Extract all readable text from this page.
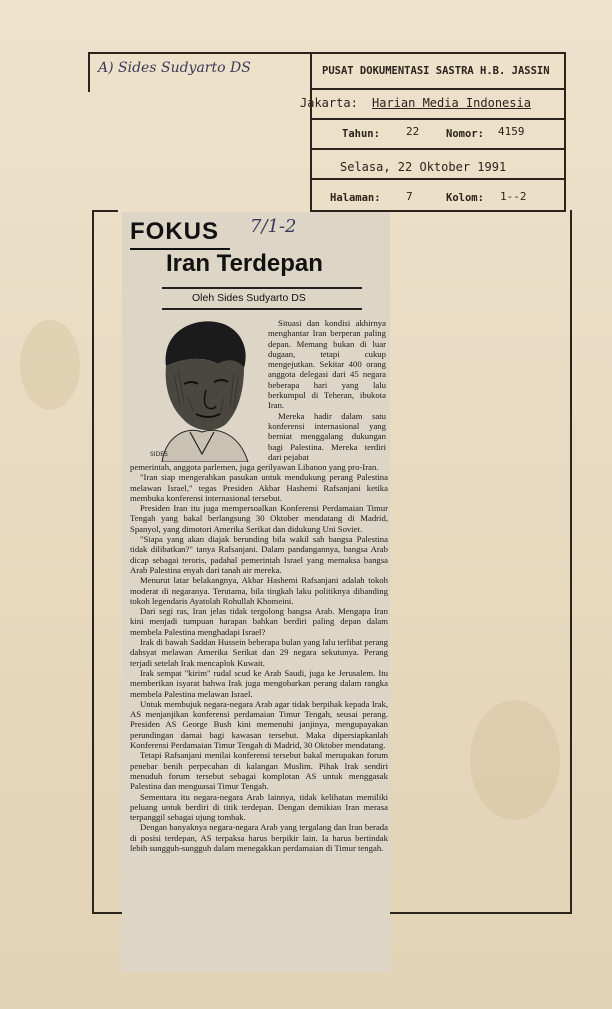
A) Sides Sudyarto DS	PUSAT DOKUMENTASI SASTRA H.B. JASSIN
Jakarta: Harian Media Indonesia
Tahun: 22	Nomor: 4159
Selasa, 22 Oktober 1991
Halaman: 7	Kolom: 1--2
FOKUS 7/1-2
Iran Terdepan
Oleh Sides Sudyarto DS
SIDES

Situasi dan kondisi akhirnya menghantar Iran berperan paling depan. Memang bukan di luar dugaan, tetapi cukup mengejutkan. Sekitar 400 orang anggota delegasi dari 45 negara beberapa hari yang lalu berkumpul di Teheran, ibukota Iran.

Mereka hadir dalam satu konferensi internasional yang berniat menggalang dukungan bagi Palestina. Mereka terdiri dari pejabat

pemerintah, anggota parlemen, juga gerilyawan Libanon yang pro-Iran.

"Iran siap mengerahkan pasukan untuk mendukung perang Palestina melawan Israel," tegas Presiden Akbar Hashemi Rafsanjani ketika membuka konferensi internasional tersebut.

Presiden Iran itu juga mempersoalkan Konferensi Perdamaian Timur Tengah yang bakal berlangsung 30 Oktober mendatang di Madrid, Spanyol, yang dimotori Amerika Serikat dan didukung Uni Soviet.

"Siapa yang akan diajak berunding bila wakil sah bangsa Palestina tidak dilibatkan?" tanya Rafsanjani. Dalam pandangannya, bangsa Arab dicap sebagai teroris, padahal pemerintah Israel yang memaksa bangsa Arab Palestina enyah dari tanah air mereka.

Menurut latar belakangnya, Akbar Hashemi Rafsanjani adalah tokoh moderat di negaranya. Terutama, bila tingkah laku politiknya dibanding tokoh legendaris Ayatolah Rohullah Khomeini.

Dari segi ras, Iran jelas tidak tergolong bangsa Arab. Mengapa Iran kini menjadi tumpuan harapan bahkan berdiri paling depan dalam membela Palestina menghadapi Israel?

Irak di bawah Saddan Hussein beberapa bulan yang lalu terlibat perang dahsyat melawan Amerika Serikat dan 29 negara sekutunya. Perang terjadi setelah Irak mencaplok Kuwait.

Irak sempat "kirim" rudal scud ke Arab Saudi, juga ke Jerusalem. Itu memberikan isyarat bahwa Irak juga mengobarkan perang dalam rangka membela Palestina melawan Israel.

Untuk membujuk negara-negara Arab agar tidak berpihak kepada Irak, AS menjanjikan konferensi perdamaian Timur Tengah, seusai perang. Presiden AS George Bush kini memenuhi janjinya, mengupayakan perundingan damai bagi kawasan tersebut. Maka dipersiapkanlah Konferensi Perdamaian Timur Tengah di Madrid, 30 Oktober mendatang.

Tetapi Rafsanjani menilai konferensi tersebut bakal merupakan forum penebar benih perpecahan di kalangan Muslim. Pihak Irak sendiri menuduh forum tersebut sebagai komplotan AS untuk menggasak Palestina dan menguasai Timur Tengah.

Sementara itu negara-negara Arab lainnya, tidak kelihatan memiliki peluang untuk berdiri di titik terdepan. Dengan demikian Iran merasa terpanggil sebagai ujung tombak.

Dengan banyaknya negara-negara Arab yang tergalang dan Iran berada di posisi terdepan, AS terpaksa harus berpikir lain. Ia harus bertindak lebih sungguh-sungguh dalam menegakkan perdamaian di Timur tengah.
